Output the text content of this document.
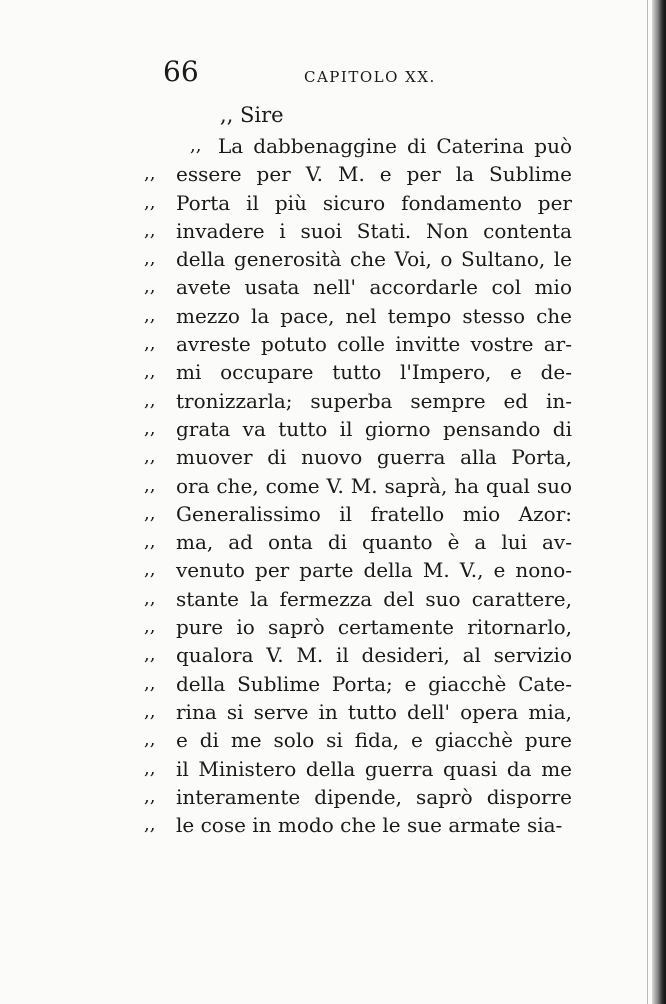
66	CAPITOLO XX.
,, Sire
,, La dabbenaggine di Caterina può
,, essere per V. M. e per la Sublime
,, Porta il più sicuro fondamento per
,, invadere i suoi Stati. Non contenta
,, della generosità che Voi, o Sultano, le
,, avete usata nell' accordarle col mio
,, mezzo la pace, nel tempo stesso che
,, avreste potuto colle invitte vostre ar-
,, mi occupare tutto l'Impero, e de-
,, tronizzarla; superba sempre ed in-
,, grata va tutto il giorno pensando di
,, muover di nuovo guerra alla Porta,
,, ora che, come V. M. saprà, ha qual suo
,, Generalissimo il fratello mio Azor:
,, ma, ad onta di quanto è a lui av-
,, venuto per parte della M. V., e nono-
,, stante la fermezza del suo carattere,
,, pure io saprò certamente ritornarlo,
,, qualora V. M. il desideri, al servizio
,, della Sublime Porta; e giacchè Cate-
,, rina si serve in tutto dell' opera mia,
,, e di me solo si fida, e giacchè pure
,, il Ministero della guerra quasi da me
,, interamente dipende, saprò disporre
,, le cose in modo che le sue armate sia-
